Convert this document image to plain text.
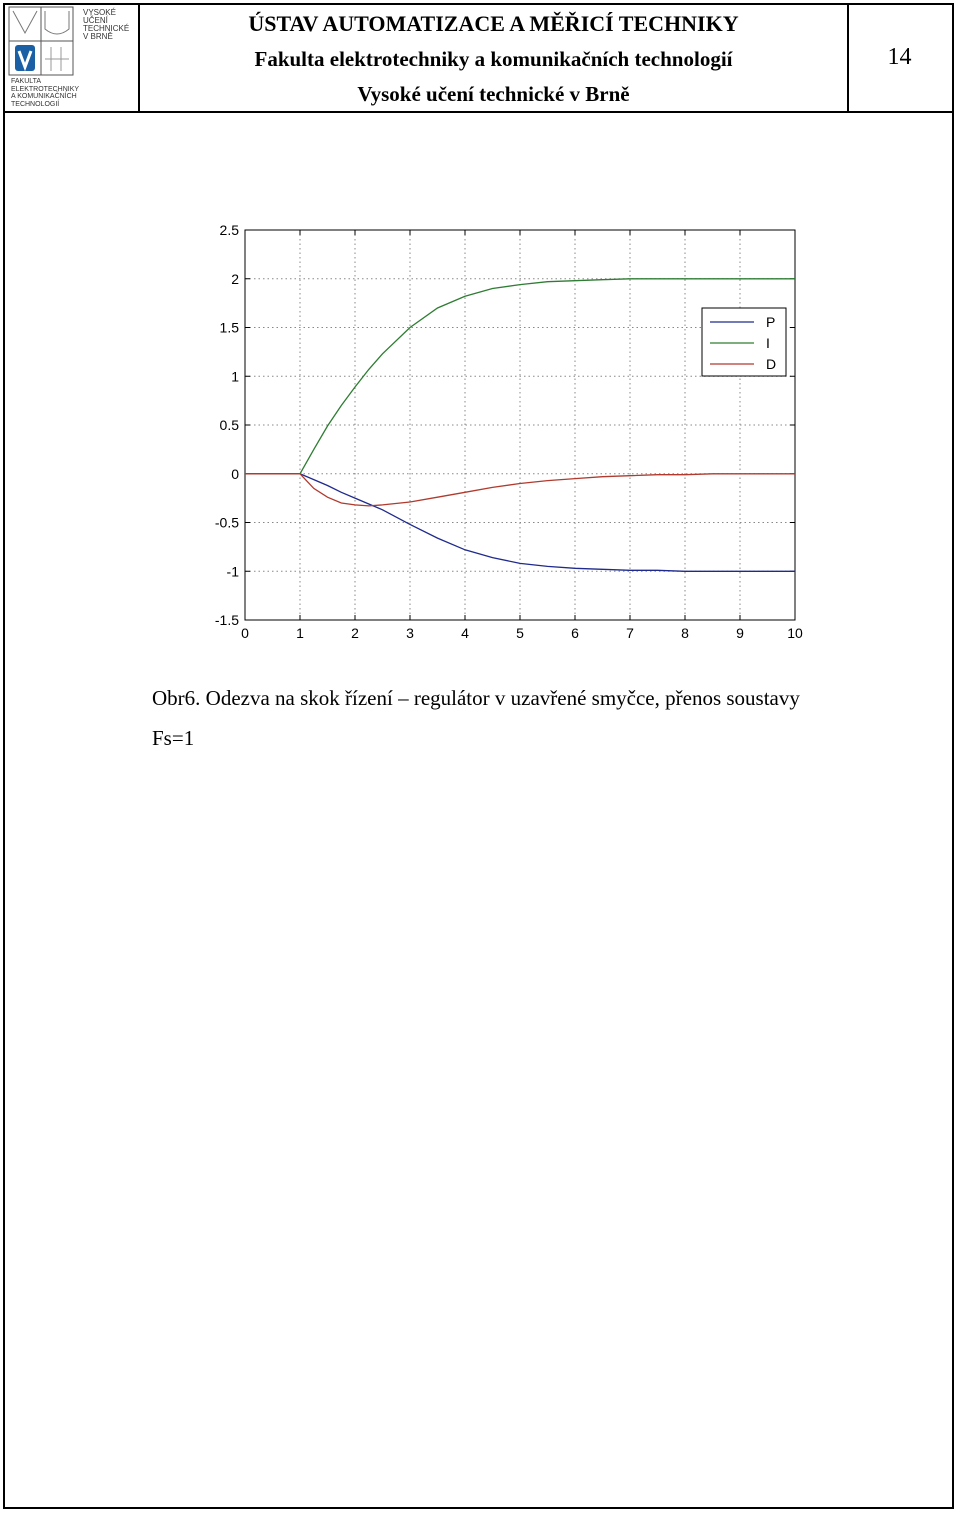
VYSOKÉ
UČENÍ
TECHNICKÉ
V BRNĚ
FAKULTA
ELEKTROTECHNIKY
A KOMUNIKAČNÍCH
TECHNOLOGIÍ
ÚSTAV AUTOMATIZACE A MĚŘICÍ TECHNIKY
Fakulta elektrotechniky a komunikačních technologií
Vysoké učení technické v Brně
14
0	1	2	3	4	5	6	7	8	9	10
2.5
2
1.5
1
0.5
0
-0.5
-1
-1.5
P
I
D
Obr6. Odezva na skok řízení – regulátor v uzavřené smyčce, přenos soustavy
Fs=1
